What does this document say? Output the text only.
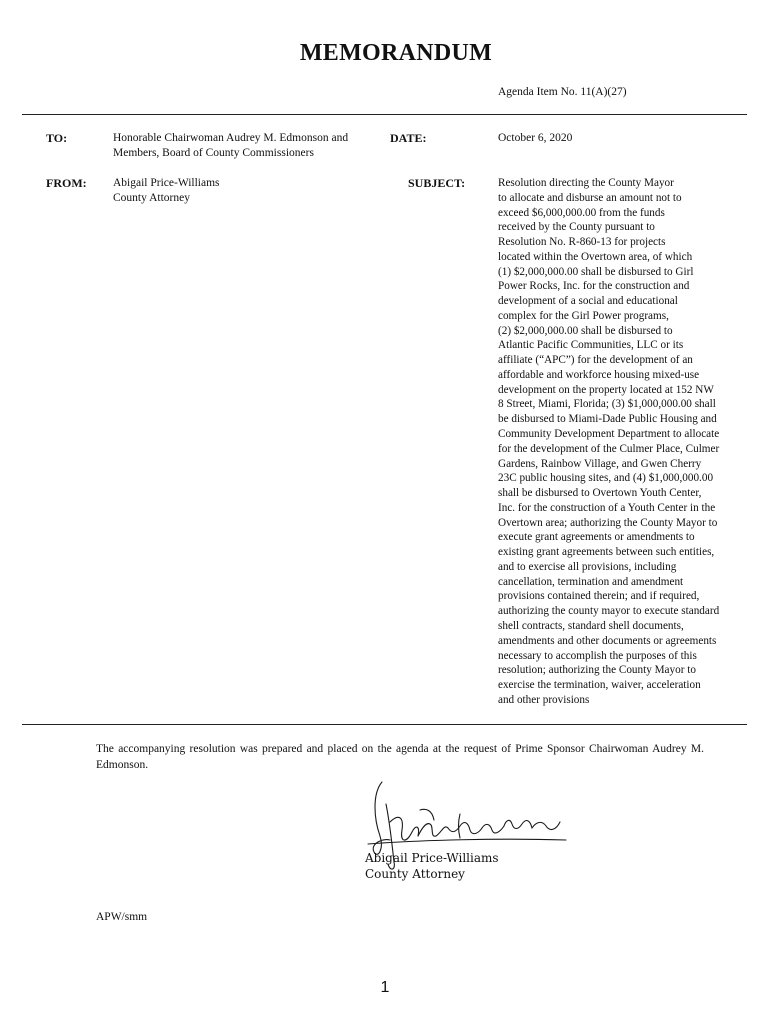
MEMORANDUM
Agenda Item No. 11(A)(27)
TO:	Honorable Chairwoman Audrey M. Edmonson and Members, Board of County Commissioners
DATE:	October 6, 2020
FROM: Abigail Price-Williams
County Attorney
SUBJECT:	Resolution directing the County Mayor
to allocate and disburse an amount not to
exceed $6,000,000.00 from the funds
received by the County pursuant to
Resolution No. R-860-13 for projects
located within the Overtown area, of which
(1) $2,000,000.00 shall be disbursed to Girl
Power Rocks, Inc. for the construction and
development of a social and educational
complex for the Girl Power programs,
(2) $2,000,000.00 shall be disbursed to
Atlantic Pacific Communities, LLC or its
affiliate (“APC”) for the development of an
affordable and workforce housing mixed-use
development on the property located at 152 NW
8 Street, Miami, Florida; (3) $1,000,000.00 shall
be disbursed to Miami-Dade Public Housing and
Community Development Department to allocate
for the development of the Culmer Place, Culmer
Gardens, Rainbow Village, and Gwen Cherry
23C public housing sites, and (4) $1,000,000.00
shall be disbursed to Overtown Youth Center,
Inc. for the construction of a Youth Center in the
Overtown area; authorizing the County Mayor to
execute grant agreements or amendments to
existing grant agreements between such entities,
and to exercise all provisions, including
cancellation, termination and amendment
provisions contained therein; and if required,
authorizing the county mayor to execute standard
shell contracts, standard shell documents,
amendments and other documents or agreements
necessary to accomplish the purposes of this
resolution; authorizing the County Mayor to
exercise the termination, waiver, acceleration
and other provisions
The accompanying resolution was prepared and placed on the agenda at the request of Prime Sponsor Chairwoman Audrey M. Edmonson.
Abigail Price-Williams
County Attorney
APW/smm
1
